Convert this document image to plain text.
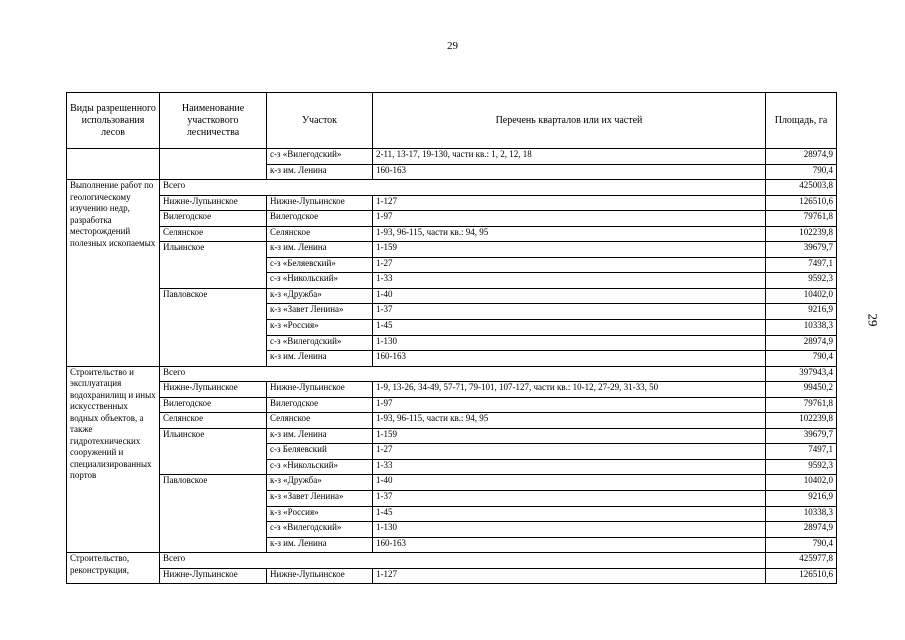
29
29
Виды разрешенного использования лесов	Наименование участкового лесничества	Участок	Перечень кварталов или их частей	Площадь, га
		с-з «Вилегодский»	2-11, 13-17, 19-130, части кв.: 1, 2, 12, 18	28974,9
		к-з им. Ленина	160-163	790,4
Выполнение работ по геологическому изучению недр, разработка месторождений полезных ископаемых	Всего			425003,8
	Нижне-Лупьинское	Нижне-Лупьинское	1-127	126510,6
	Вилегодское	Вилегодское	1-97	79761,8
	Селянское	Селянское	1-93, 96-115, части кв.: 94, 95	102239,8
	Ильинское	к-з им. Ленина	1-159	39679,7
		с-з «Беляевский»	1-27	7497,1
		с-з «Никольский»	1-33	9592,3
	Павловское	к-з «Дружба»	1-40	10402,0
		к-з «Завет Ленина»	1-37	9216,9
		к-з «Россия»	1-45	10338,3
		с-з «Вилегодский»	1-130	28974,9
		к-з им. Ленина	160-163	790,4
Строительство и эксплуатация водохранилищ и иных искусственных водных объектов, а также гидротехнических сооружений и специализированных портов	Всего			397943,4
	Нижне-Лупьинское	Нижне-Лупьинское	1-9, 13-26, 34-49, 57-71, 79-101, 107-127, части кв.: 10-12, 27-29, 31-33, 50	99450,2
	Вилегодское	Вилегодское	1-97	79761,8
	Селянское	Селянское	1-93, 96-115, части кв.: 94, 95	102239,8
	Ильинское	к-з им. Ленина	1-159	39679,7
		с-з Беляевский	1-27	7497,1
		с-з «Никольский»	1-33	9592,3
	Павловское	к-з «Дружба»	1-40	10402,0
		к-з «Завет Ленина»	1-37	9216,9
		к-з «Россия»	1-45	10338,3
		с-з «Вилегодский»	1-130	28974,9
		к-з им. Ленина	160-163	790,4
Строительство, реконструкция,	Всего			425977,8
	Нижне-Лупьинское	Нижне-Лупьинское	1-127	126510,6
